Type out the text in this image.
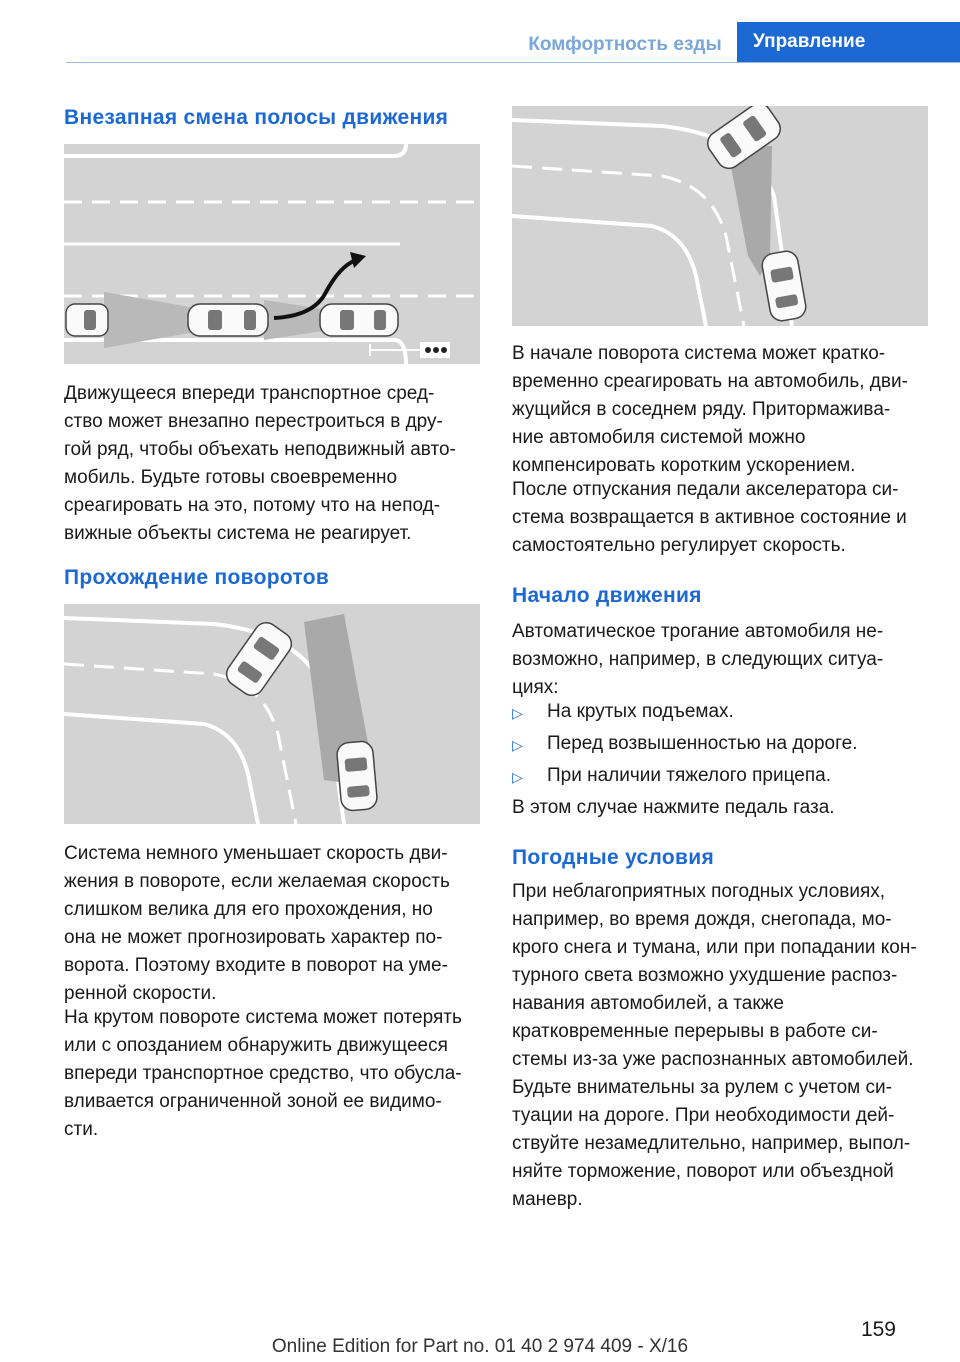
Комфортность езды	Управление
Внезапная смена полосы движения
Движущееся впереди транспортное сред-
ство может внезапно перестроиться в дру-
гой ряд, чтобы объехать неподвижный авто-
мобиль. Будьте готовы своевременно
среагировать на это, потому что на непод-
вижные объекты система не реагирует.
Прохождение поворотов
Система немного уменьшает скорость дви-
жения в повороте, если желаемая скорость
слишком велика для его прохождения, но
она не может прогнозировать характер по-
ворота. Поэтому входите в поворот на уме-
ренной скорости.
На крутом повороте система может потерять
или с опозданием обнаружить движущееся
впереди транспортное средство, что обусла-
вливается ограниченной зоной ее видимо-
сти.
В начале поворота система может кратко-
временно среагировать на автомобиль, дви-
жущийся в соседнем ряду. Притормажива-
ние автомобиля системой можно
компенсировать коротким ускорением.
После отпускания педали акселератора си-
стема возвращается в активное состояние и
самостоятельно регулирует скорость.
Начало движения
Автоматическое трогание автомобиля не-
возможно, например, в следующих ситуа-
циях:
▷ На крутых подъемах.
▷ Перед возвышенностью на дороге.
▷ При наличии тяжелого прицепа.
В этом случае нажмите педаль газа.
Погодные условия
При неблагоприятных погодных условиях,
например, во время дождя, снегопада, мо-
крого снега и тумана, или при попадании кон-
турного света возможно ухудшение распоз-
навания автомобилей, а также
кратковременные перерывы в работе си-
стемы из-за уже распознанных автомобилей.
Будьте внимательны за рулем с учетом си-
туации на дороге. При необходимости дей-
ствуйте незамедлительно, например, выпол-
няйте торможение, поворот или объездной
маневр.
159
Online Edition for Part no. 01 40 2 974 409 - X/16
